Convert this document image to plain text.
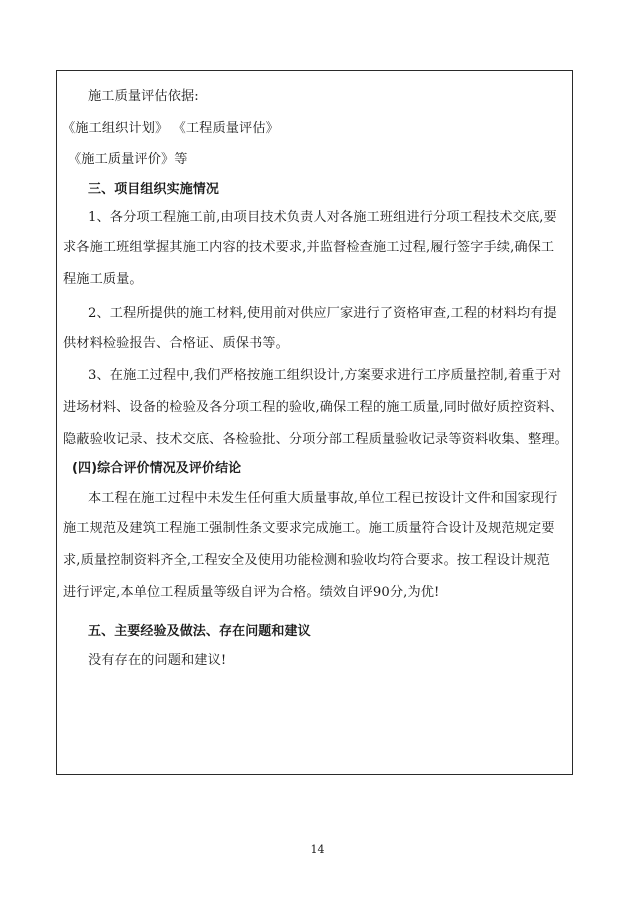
施工质量评估依据:
《施工组织计划》 《工程质量评估》
《施工质量评价》等
三、项目组织实施情况
1、各分项工程施工前,由项目技术负责人对各施工班组进行分项工程技术交底,要
求各施工班组掌握其施工内容的技术要求,并监督检查施工过程,履行签字手续,确保工
程施工质量。
2、工程所提供的施工材料,使用前对供应厂家进行了资格审查,工程的材料均有提
供材料检验报告、合格证、质保书等。
3、在施工过程中,我们严格按施工组织设计,方案要求进行工序质量控制,着重于对
进场材料、设备的检验及各分项工程的验收,确保工程的施工质量,同时做好质控资料、
隐蔽验收记录、技术交底、各检验批、分项分部工程质量验收记录等资料收集、整理。
(四)综合评价情况及评价结论
本工程在施工过程中未发生任何重大质量事故,单位工程已按设计文件和国家现行
施工规范及建筑工程施工强制性条文要求完成施工。施工质量符合设计及规范规定要
求,质量控制资料齐全,工程安全及使用功能检测和验收均符合要求。按工程设计规范
进行评定,本单位工程质量等级自评为合格。绩效自评90分,为优!
五、主要经验及做法、存在问题和建议
没有存在的问题和建议!
14
